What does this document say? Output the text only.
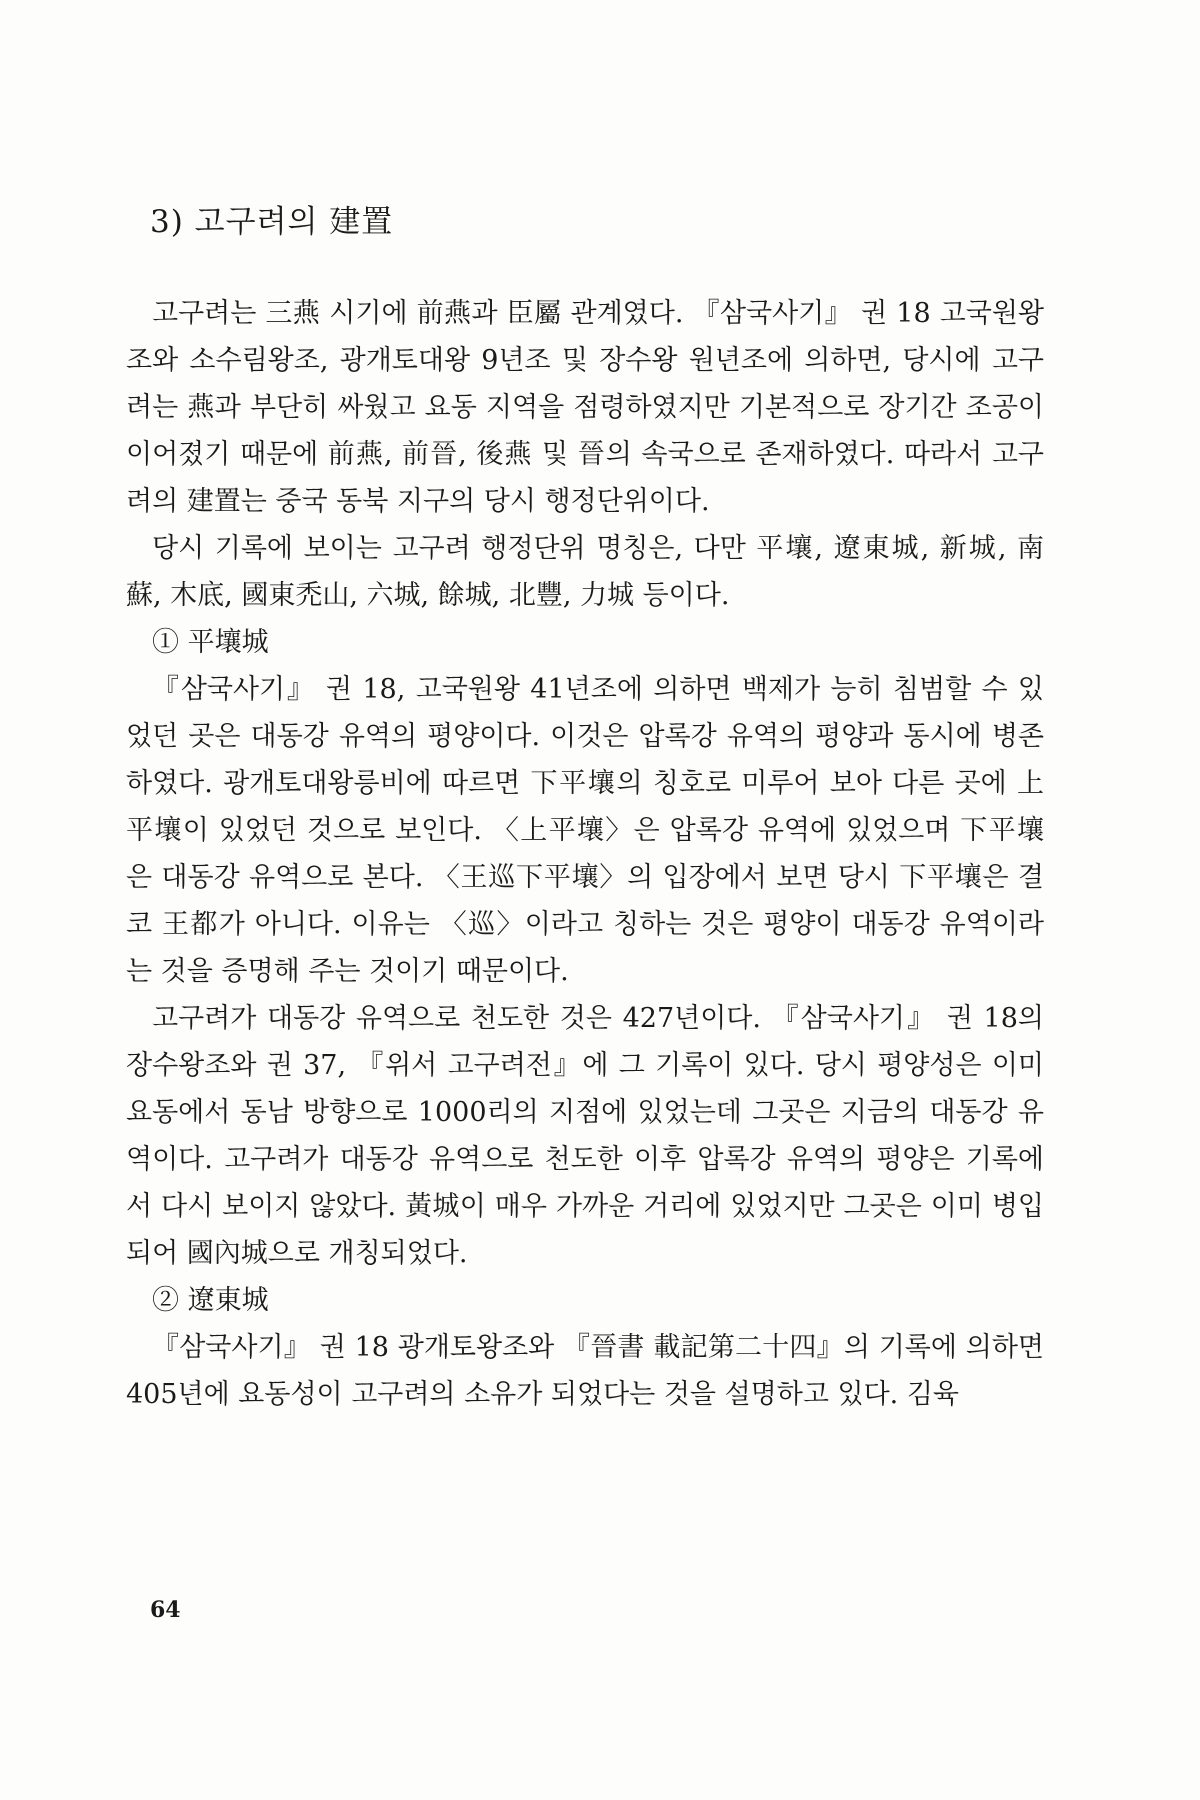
3) 고구려의 建置

고구려는 三燕 시기에 前燕과 臣屬 관계였다. 『삼국사기』 권 18 고국원왕조와 소수림왕조, 광개토대왕 9년조 및 장수왕 원년조에 의하면, 당시에 고구려는 燕과 부단히 싸웠고 요동 지역을 점령하였지만 기본적으로 장기간 조공이 이어졌기 때문에 前燕, 前晉, 後燕 및 晉의 속국으로 존재하였다. 따라서 고구려의 建置는 중국 동북 지구의 당시 행정단위이다.

당시 기록에 보이는 고구려 행정단위 명칭은, 다만 平壤, 遼東城, 新城, 南蘇, 木底, 國東禿山, 六城, 餘城, 北豐, 力城 등이다.

① 平壤城

『삼국사기』 권 18, 고국원왕 41년조에 의하면 백제가 능히 침범할 수 있었던 곳은 대동강 유역의 평양이다. 이것은 압록강 유역의 평양과 동시에 병존하였다. 광개토대왕릉비에 따르면 下平壤의 칭호로 미루어 보아 다른 곳에 上平壤이 있었던 것으로 보인다. 〈上平壤〉은 압록강 유역에 있었으며 下平壤은 대동강 유역으로 본다. 〈王巡下平壤〉의 입장에서 보면 당시 下平壤은 결코 王都가 아니다. 이유는 〈巡〉이라고 칭하는 것은 평양이 대동강 유역이라는 것을 증명해 주는 것이기 때문이다.

고구려가 대동강 유역으로 천도한 것은 427년이다. 『삼국사기』 권 18의 장수왕조와 권 37, 『위서 고구려전』에 그 기록이 있다. 당시 평양성은 이미 요동에서 동남 방향으로 1000리의 지점에 있었는데 그곳은 지금의 대동강 유역이다. 고구려가 대동강 유역으로 천도한 이후 압록강 유역의 평양은 기록에서 다시 보이지 않았다. 黃城이 매우 가까운 거리에 있었지만 그곳은 이미 병입되어 國內城으로 개칭되었다.

② 遼東城

『삼국사기』 권 18 광개토왕조와 『晉書 載記第二十四』의 기록에 의하면 405년에 요동성이 고구려의 소유가 되었다는 것을 설명하고 있다. 김육

64
